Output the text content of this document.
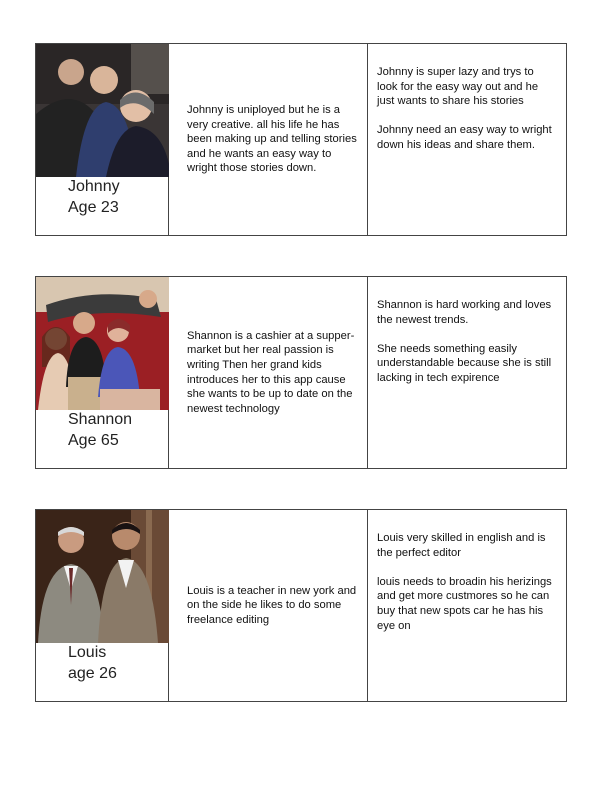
Johnny
Age 23

Johnny is uniployed but he is a very creative. all his life he has been making up and telling stories and he wants an easy way to wright those stories down.

Johnny is super lazy and trys to look for the easy way out and he just wants to share his stories

Johnny need an easy way to wright down his ideas and share them.

Shannon
Age 65

Shannon is a cashier at a supper-market but her real passion is writing Then her grand kids introduces her to this app cause she wants to be up to date on the newest technology

Shannon is hard working and loves the newest trends.

She needs something easily understandable because she is still lacking in tech expirence

Louis
age 26

Louis is a teacher in new york and on the side he likes to do some freelance editing

Louis very skilled in english and is the perfect editor

louis needs to broadin his herizings and get more custmores so he can buy that new spots car he has his eye on
